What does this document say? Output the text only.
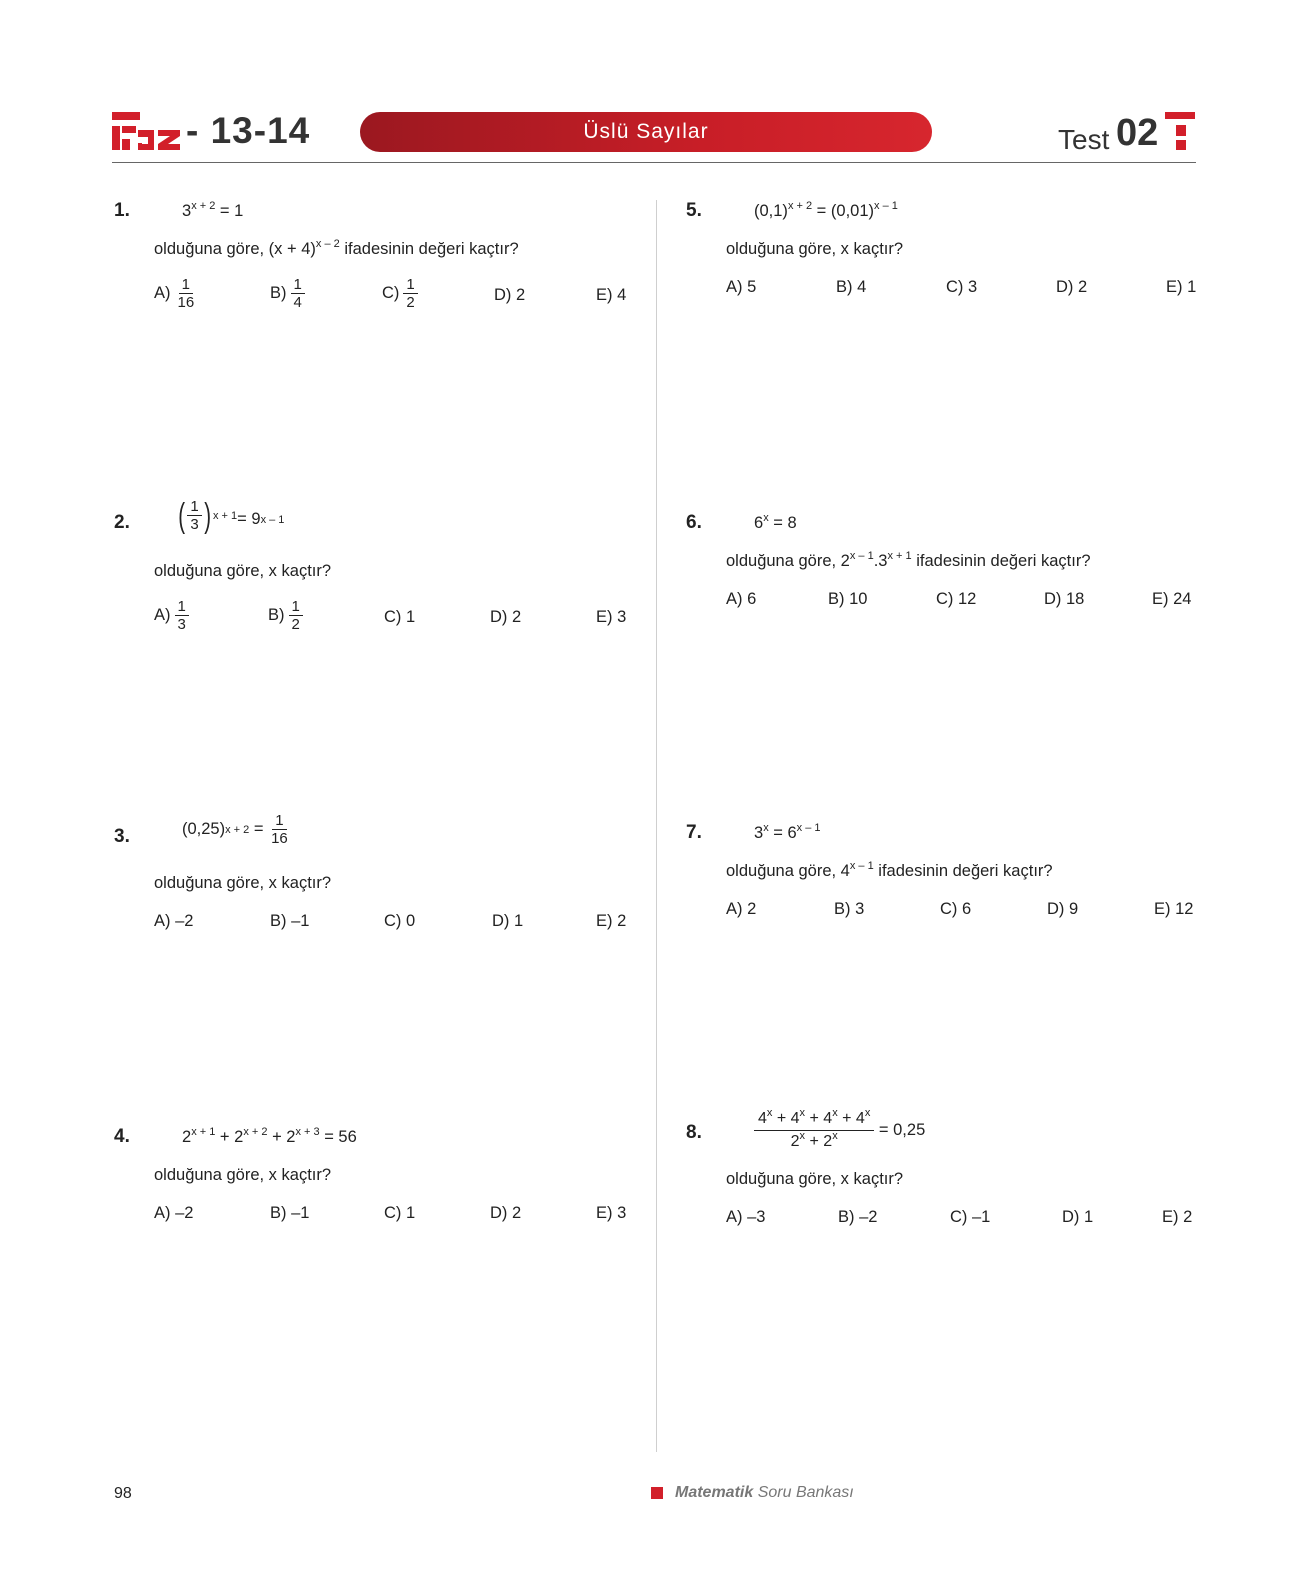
- 13-14	Üslü Sayılar	Test 02
1.	$3^{x + 2} = 1$
olduğuna göre, $(x + 4)^{x - 2}$ ifadesinin değeri kaçtır?
$A) \frac{1}{16}$	$B) \frac{1}{4}$	$C) \frac{1}{2}$	D) 2	E) 4
2. ( $\frac{1}{3}$ ) x + 1 = 9 x – 1
olduğuna göre, x kaçtır?
$A) \frac{1}{3}$	$B) \frac{1}{2}$	C) 1	D) 2	E) 3
3.	(0,25) $x + 2 = \frac{1}{16}$
olduğuna göre, x kaçtır?
A) –2	B) –1	C) 0	D) 1	E) 2
4.	$2^{x + 1} + 2^{x + 2} + 2^{x + 3} = 56$
olduğuna göre, x kaçtır?
A) –2	B) –1	C) 1	D) 2	E) 3
5.	$(0,1)^{x + 2} = (0,01)^{x - 1}$
olduğuna göre, x kaçtır?
A) 5	B) 4	C) 3	D) 2	E) 1
6.	$6^x = 8$
olduğuna göre, $2^{x - 1}.3^{x + 1}$ ifadesinin değeri kaçtır?
A) 6	B) 10	C) 12	D) 18	E) 24
7.	$3^x = 6^{x - 1}$
olduğuna göre, 4$^{x - 1}$ ifadesinin değeri kaçtır?
A) 2	B) 3	C) 6	D) 9	E) 12
8.	$\frac{4^x + 4^x + 4^x + 4^x}{2^x + 2^x} = 0,25$
olduğuna göre, x kaçtır?
A) –3	B) –2	C) –1	D) 1	E) 2
98	Matematik Soru Bankası
